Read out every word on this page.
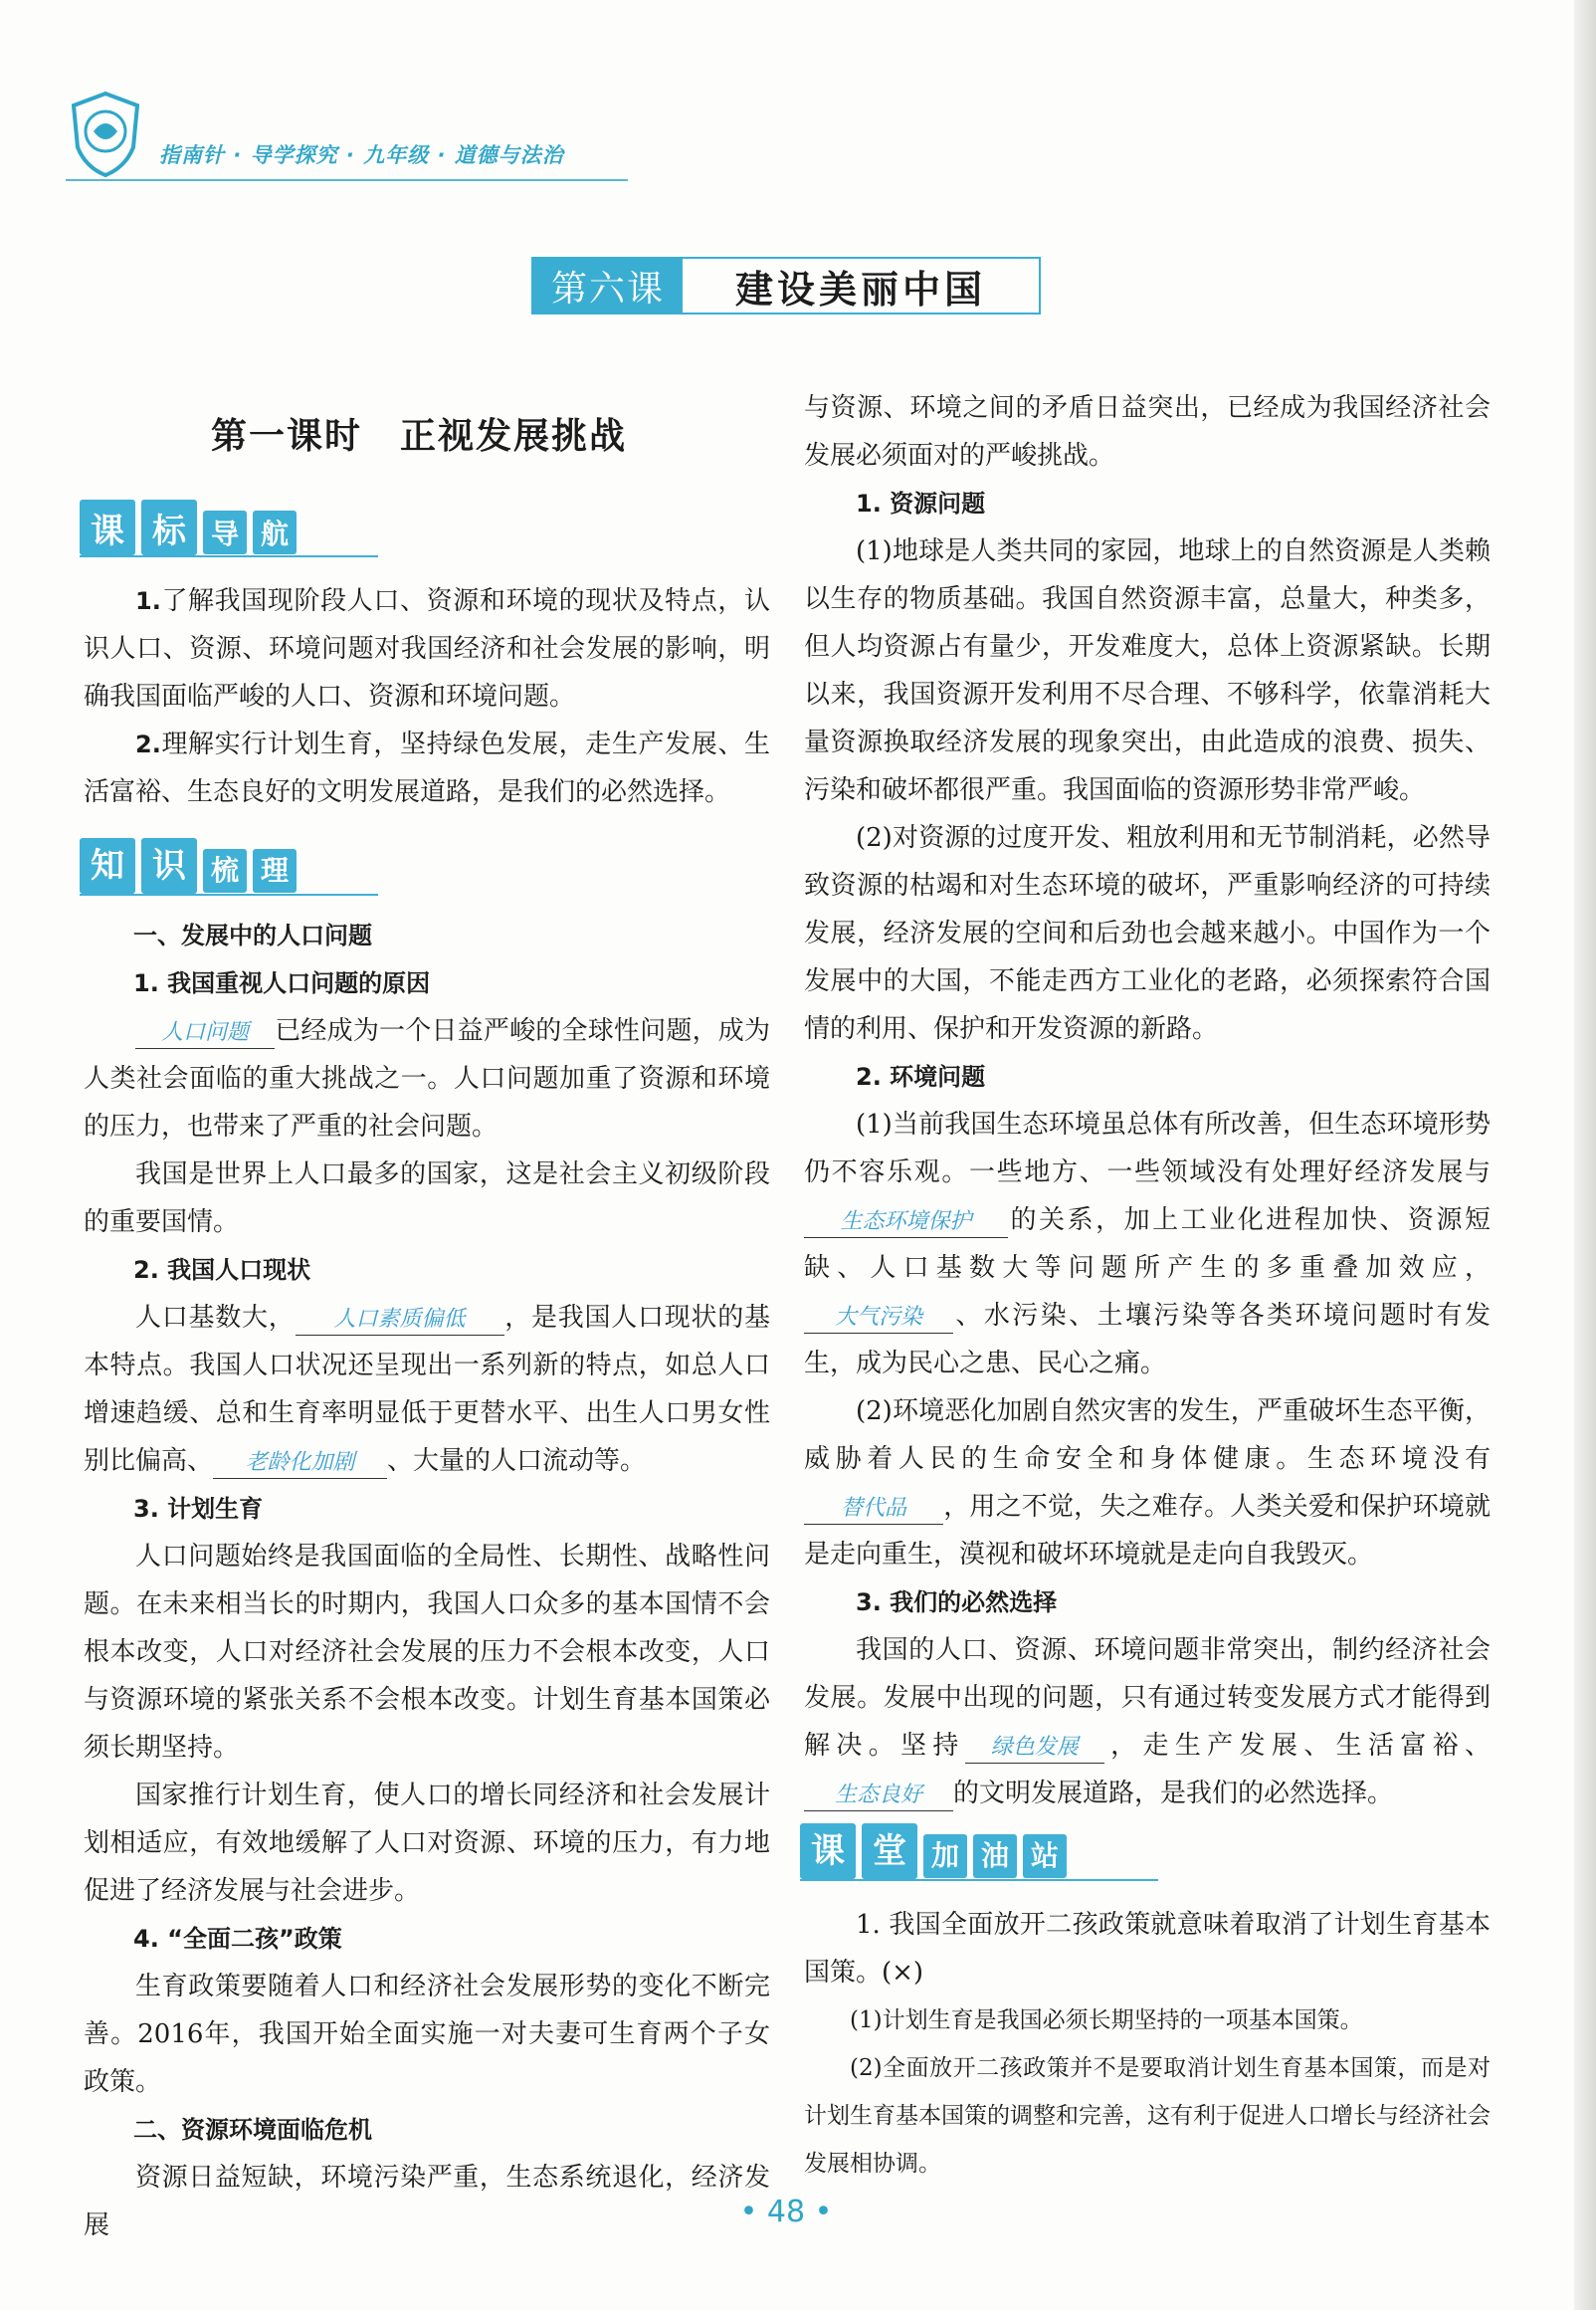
指南针 · 导学探究 · 九年级 · 道德与法治
第六课	建设美丽中国
第一课时　正视发展挑战
课 标 导 航
1.了解我国现阶段人口、资源和环境的现状及特点，认识人口、资源、环境问题对我国经济和社会发展的影响，明确我国面临严峻的人口、资源和环境问题。
2.理解实行计划生育，坚持绿色发展，走生产发展、生活富裕、生态良好的文明发展道路，是我们的必然选择。
知 识 梳 理
一、发展中的人口问题
1. 我国重视人口问题的原因
人口问题 已经成为一个日益严峻的全球性问题，成为人类社会面临的重大挑战之一。人口问题加重了资源和环境的压力，也带来了严重的社会问题。
我国是世界上人口最多的国家，这是社会主义初级阶段的重要国情。
2. 我国人口现状
人口基数大， 人口素质偏低 ，是我国人口现状的基本特点。我国人口状况还呈现出一系列新的特点，如总人口增速趋缓、总和生育率明显低于更替水平、出生人口男女性别比偏高、 老龄化加剧 、大量的人口流动等。
3. 计划生育
人口问题始终是我国面临的全局性、长期性、战略性问题。在未来相当长的时期内，我国人口众多的基本国情不会根本改变，人口对经济社会发展的压力不会根本改变，人口与资源环境的紧张关系不会根本改变。计划生育基本国策必须长期坚持。
国家推行计划生育，使人口的增长同经济和社会发展计划相适应，有效地缓解了人口对资源、环境的压力，有力地促进了经济发展与社会进步。
4. “全面二孩”政策
生育政策要随着人口和经济社会发展形势的变化不断完善。2016年，我国开始全面实施一对夫妻可生育两个子女政策。
二、资源环境面临危机
资源日益短缺，环境污染严重，生态系统退化，经济发展
与资源、环境之间的矛盾日益突出，已经成为我国经济社会发展必须面对的严峻挑战。
1. 资源问题
(1)地球是人类共同的家园，地球上的自然资源是人类赖以生存的物质基础。我国自然资源丰富，总量大，种类多，但人均资源占有量少，开发难度大，总体上资源紧缺。长期以来，我国资源开发利用不尽合理、不够科学，依靠消耗大量资源换取经济发展的现象突出，由此造成的浪费、损失、污染和破坏都很严重。我国面临的资源形势非常严峻。
(2)对资源的过度开发、粗放利用和无节制消耗，必然导致资源的枯竭和对生态环境的破坏，严重影响经济的可持续发展，经济发展的空间和后劲也会越来越小。中国作为一个发展中的大国，不能走西方工业化的老路，必须探索符合国情的利用、保护和开发资源的新路。
2. 环境问题
(1)当前我国生态环境虽总体有所改善，但生态环境形势仍不容乐观。一些地方、一些领域没有处理好经济发展与生态环境保护 的关系，加上工业化进程加快、资源短缺、人口基数大等问题所产生的多重叠加效应，大气污染 、水污染、土壤污染等各类环境问题时有发生，成为民心之患、民心之痛。
(2)环境恶化加剧自然灾害的发生，严重破坏生态平衡，威胁着人民的生命安全和身体健康。生态环境没有替代品 ，用之不觉，失之难存。人类关爱和保护环境就是走向重生，漠视和破坏环境就是走向自我毁灭。
3. 我们的必然选择
我国的人口、资源、环境问题非常突出，制约经济社会发展。发展中出现的问题，只有通过转变发展方式才能得到解决。坚持 绿色发展 ，走生产发展、生活富裕、生态良好 的文明发展道路，是我们的必然选择。
课 堂 加 油 站
1. 我国全面放开二孩政策就意味着取消了计划生育基本国策。(×)
(1)计划生育是我国必须长期坚持的一项基本国策。
(2)全面放开二孩政策并不是要取消计划生育基本国策，而是对计划生育基本国策的调整和完善，这有利于促进人口增长与经济社会发展相协调。
• 48 •
